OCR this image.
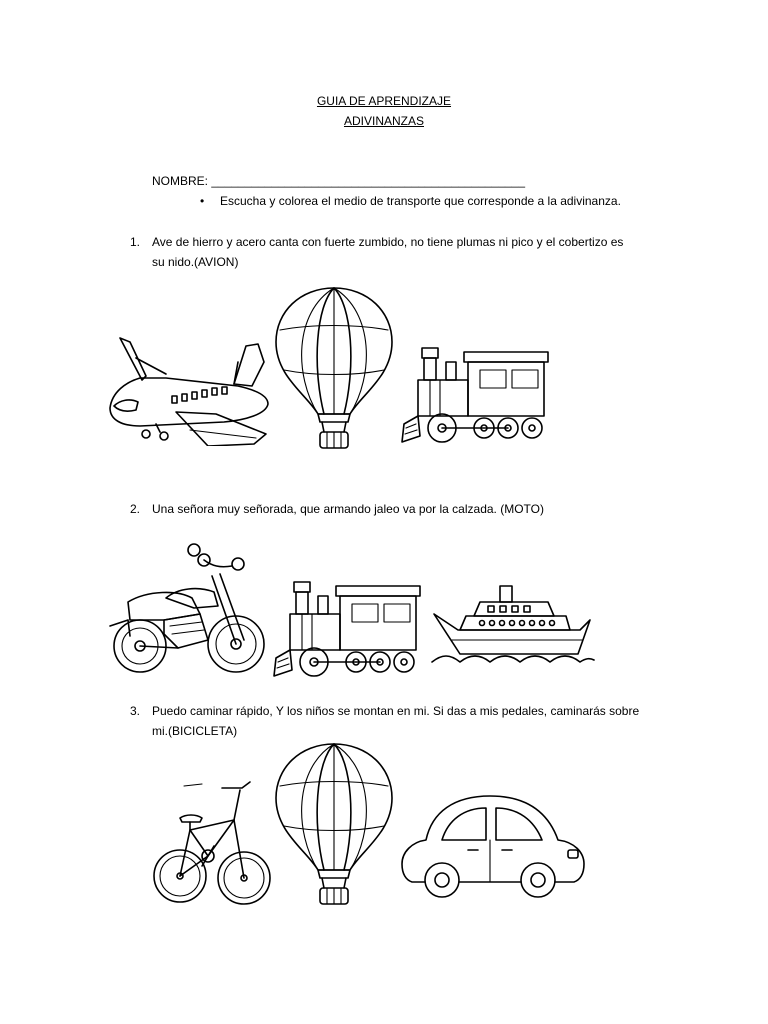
GUIA DE APRENDIZAJE
ADIVINANZAS
NOMBRE: _______________________________________________
• Escucha y colorea el medio de transporte que corresponde a la adivinanza.
1. Ave de hierro y acero canta con fuerte zumbido, no tiene plumas ni pico y el cobertizo es
su nido.(AVION)
2. Una señora muy señorada, que armando jaleo va por la calzada. (MOTO)
3. Puedo caminar rápido, Y los niños se montan en mi. Si das a mis pedales, caminarás sobre
mi.(BICICLETA)
